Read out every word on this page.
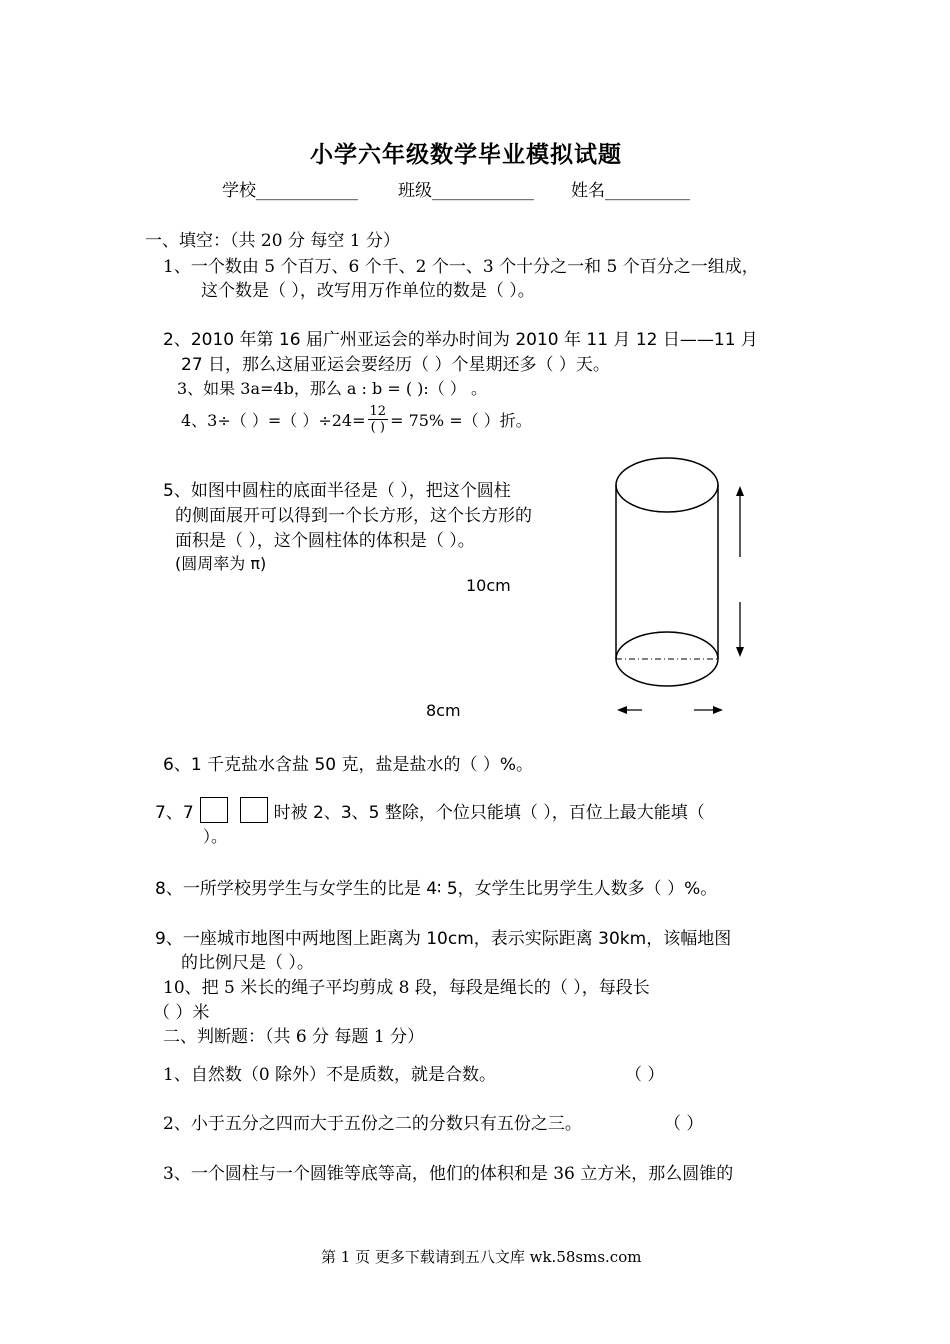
小学六年级数学毕业模拟试题
学校____________ 班级____________ 姓名__________
一、填空：（共 20 分 每空 1 分）
1、一个数由 5 个百万、6 个千、2 个一、3 个十分之一和 5 个百分之一组成，
这个数是（ ），改写用万作单位的数是（ ）。
2、2010 年第 16 届广州亚运会的举办时间为 2010 年 11 月 12 日——11 月
27 日，那么这届亚运会要经历（ ）个星期还多（ ）天。
3、如果 3a=4b，那么 a : b = ( ):（ ） 。
4、3÷（ ）=（ ）$\div 24= \frac{12}{( )} = 75\%$ =（ ）折。
5、如图中圆柱的底面半径是（ ），把这个圆柱
的侧面展开可以得到一个长方形，这个长方形的
面积是（ ），这个圆柱体的体积是（ ）。
(圆周率为 π)
10cm
8cm
6、1 千克盐水含盐 50 克，盐是盐水的（ ）%。
7、7	时被 2、3、5 整除，个位只能填（ ），百位上最大能填（
）。
8、一所学校男学生与女学生的比是 4∶ 5，女学生比男学生人数多（ ）%。
9、一座城市地图中两地图上距离为 10cm，表示实际距离 30km，该幅地图
的比例尺是（ ）。
10、把 5 米长的绳子平均剪成 8 段，每段是绳长的（ ），每段长
（ ）米
二、判断题：（共 6 分 每题 1 分）
1、自然数（0 除外）不是质数，就是合数。	（ ）
2、小于五分之四而大于五份之二的分数只有五份之三。	（ ）
3、一个圆柱与一个圆锥等底等高，他们的体积和是 36 立方米，那么圆锥的
第 1 页 更多下载请到五八文库 wk.58sms.com
